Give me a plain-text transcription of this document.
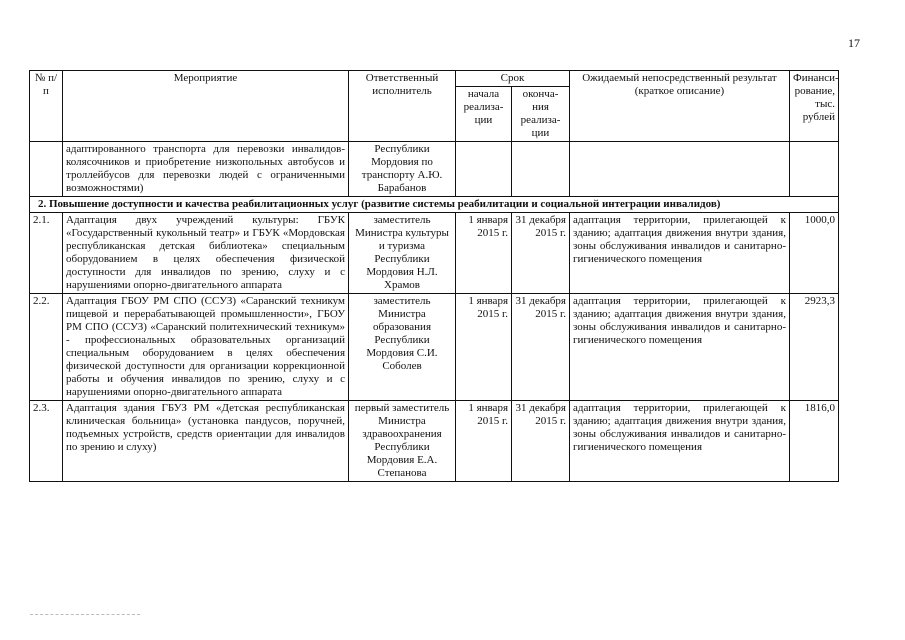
17
№ п/п	Мероприятие	Ответственный исполнитель	Срок		Ожидаемый непосредственный результат (краткое описание)	Финанси-рование, тыс. рублей
			начала реализа-ции	оконча-ния реализа-ции		
	адаптированного транспорта для перевозки инвалидов-колясочников и приобретение низкопольных автобусов и троллейбусов для перевозки людей с ограниченными возможностями)	Республики Мордовия по транспорту А.Ю. Барабанов				
2. Повышение доступности и качества реабилитационных услуг (развитие системы реабилитации и социальной интеграции инвалидов)						
2.1.	Адаптация двух учреждений культуры: ГБУК «Государственный кукольный театр» и ГБУК «Мордовская республиканская детская библиотека» специальным оборудованием в целях обеспечения физической доступности для инвалидов по зрению, слуху и с нарушениями опорно-двигательного аппарата	заместитель Министра культуры и туризма Республики Мордовия Н.Л. Храмов	1 января 2015 г.	31 декабря 2015 г.	адаптация территории, прилегающей к зданию; адаптация движения внутри здания, зоны обслуживания инвалидов и санитарно-гигиенического помещения	1000,0
2.2.	Адаптация ГБОУ РМ СПО (ССУЗ) «Саранский техникум пищевой и перерабатывающей промышленности», ГБОУ РМ СПО (ССУЗ) «Саранский политехнический техникум» - профессиональных образовательных организаций специальным оборудованием в целях обеспечения физической доступности для организации коррекционной работы и обучения инвалидов по зрению, слуху и с нарушениями опорно-двигательного аппарата	заместитель Министра образования Республики Мордовия С.И. Соболев	1 января 2015 г.	31 декабря 2015 г.	адаптация территории, прилегающей к зданию; адаптация движения внутри здания, зоны обслуживания инвалидов и санитарно-гигиенического помещения	2923,3
2.3.	Адаптация здания ГБУЗ РМ «Детская республиканская клиническая больница» (установка пандусов, поручней, подъемных устройств, средств ориентации для инвалидов по зрению и слуху)	первый заместитель Министра здравоохранения Республики Мордовия Е.А. Степанова	1 января 2015 г.	31 декабря 2015 г.	адаптация территории, прилегающей к зданию; адаптация движения внутри здания, зоны обслуживания инвалидов и санитарно-гигиенического помещения	1816,0
